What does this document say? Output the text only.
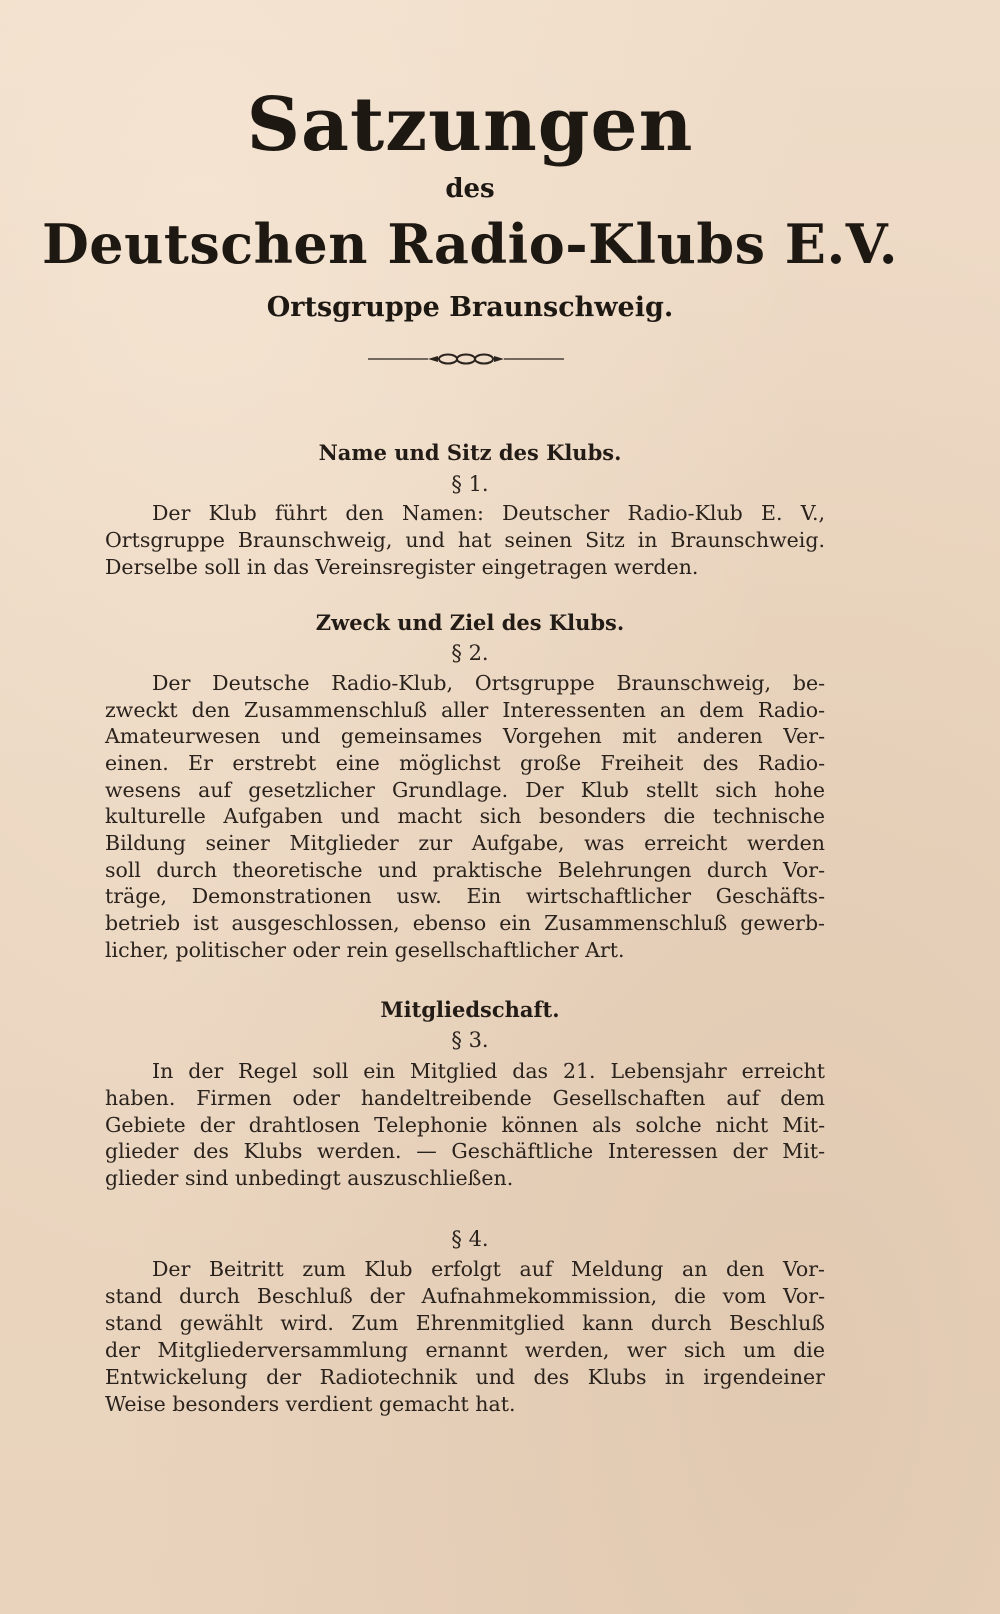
Satzungen
des
Deutschen Radio-Klubs E.V.
Ortsgruppe Braunschweig.
Name und Sitz des Klubs.
§ 1.
Der Klub führt den Namen: Deutscher Radio-Klub E. V.,
Ortsgruppe Braunschweig, und hat seinen Sitz in Braunschweig.
Derselbe soll in das Vereinsregister eingetragen werden.
Zweck und Ziel des Klubs.
§ 2.
Der Deutsche Radio-Klub, Ortsgruppe Braunschweig, be-
zweckt den Zusammenschluß aller Interessenten an dem Radio-
Amateurwesen und gemeinsames Vorgehen mit anderen Ver-
einen. Er erstrebt eine möglichst große Freiheit des Radio-
wesens auf gesetzlicher Grundlage. Der Klub stellt sich hohe
kulturelle Aufgaben und macht sich besonders die technische
Bildung seiner Mitglieder zur Aufgabe, was erreicht werden
soll durch theoretische und praktische Belehrungen durch Vor-
träge, Demonstrationen usw. Ein wirtschaftlicher Geschäfts-
betrieb ist ausgeschlossen, ebenso ein Zusammenschluß gewerb-
licher, politischer oder rein gesellschaftlicher Art.
Mitgliedschaft.
§ 3.
In der Regel soll ein Mitglied das 21. Lebensjahr erreicht
haben. Firmen oder handeltreibende Gesellschaften auf dem
Gebiete der drahtlosen Telephonie können als solche nicht Mit-
glieder des Klubs werden. — Geschäftliche Interessen der Mit-
glieder sind unbedingt auszuschließen.
§ 4.
Der Beitritt zum Klub erfolgt auf Meldung an den Vor-
stand durch Beschluß der Aufnahmekommission, die vom Vor-
stand gewählt wird. Zum Ehrenmitglied kann durch Beschluß
der Mitgliederversammlung ernannt werden, wer sich um die
Entwickelung der Radiotechnik und des Klubs in irgendeiner
Weise besonders verdient gemacht hat.
